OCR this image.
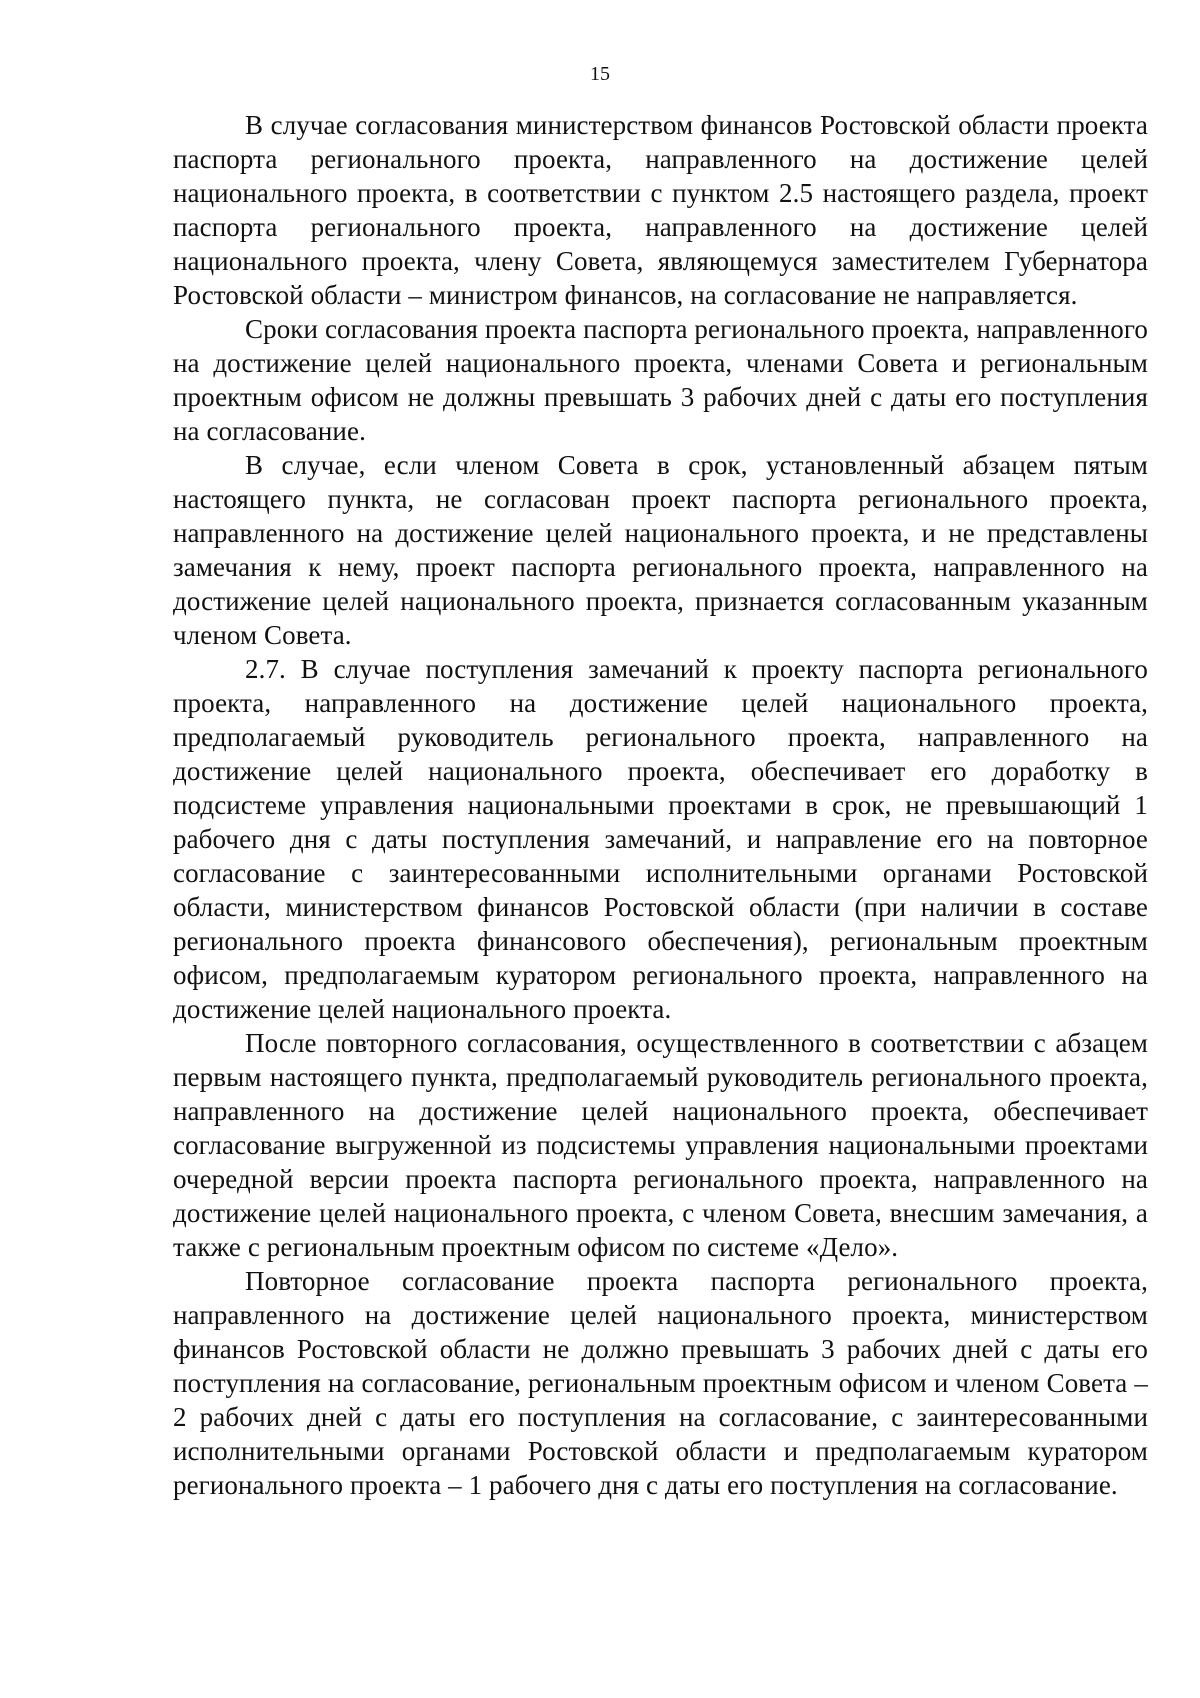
15

В случае согласования министерством финансов Ростовской области проекта паспорта регионального проекта, направленного на достижение целей национального проекта, в соответствии с пунктом 2.5 настоящего раздела, проект паспорта регионального проекта, направленного на достижение целей национального проекта, члену Совета, являющемуся заместителем Губернатора Ростовской области – министром финансов, на согласование не направляется.

Сроки согласования проекта паспорта регионального проекта, направленного на достижение целей национального проекта, членами Совета и региональным проектным офисом не должны превышать 3 рабочих дней с даты его поступления на согласование.

В случае, если членом Совета в срок, установленный абзацем пятым настоящего пункта, не согласован проект паспорта регионального проекта, направленного на достижение целей национального проекта, и не представлены замечания к нему, проект паспорта регионального проекта, направленного на достижение целей национального проекта, признается согласованным указанным членом Совета.

2.7. В случае поступления замечаний к проекту паспорта регионального проекта, направленного на достижение целей национального проекта, предполагаемый руководитель регионального проекта, направленного на достижение целей национального проекта, обеспечивает его доработку в подсистеме управления национальными проектами в срок, не превышающий 1 рабочего дня с даты поступления замечаний, и направление его на повторное согласование с заинтересованными исполнительными органами Ростовской области, министерством финансов Ростовской области (при наличии в составе регионального проекта финансового обеспечения), региональным проектным офисом, предполагаемым куратором регионального проекта, направленного на достижение целей национального проекта.

После повторного согласования, осуществленного в соответствии с абзацем первым настоящего пункта, предполагаемый руководитель регионального проекта, направленного на достижение целей национального проекта, обеспечивает согласование выгруженной из подсистемы управления национальными проектами очередной версии проекта паспорта регионального проекта, направленного на достижение целей национального проекта, с членом Совета, внесшим замечания, а также с региональным проектным офисом по системе «Дело».

Повторное согласование проекта паспорта регионального проекта, направленного на достижение целей национального проекта, министерством финансов Ростовской области не должно превышать 3 рабочих дней с даты его поступления на согласование, региональным проектным офисом и членом Совета – 2 рабочих дней с даты его поступления на согласование, с заинтересованными исполнительными органами Ростовской области и предполагаемым куратором регионального проекта – 1 рабочего дня с даты его поступления на согласование.
